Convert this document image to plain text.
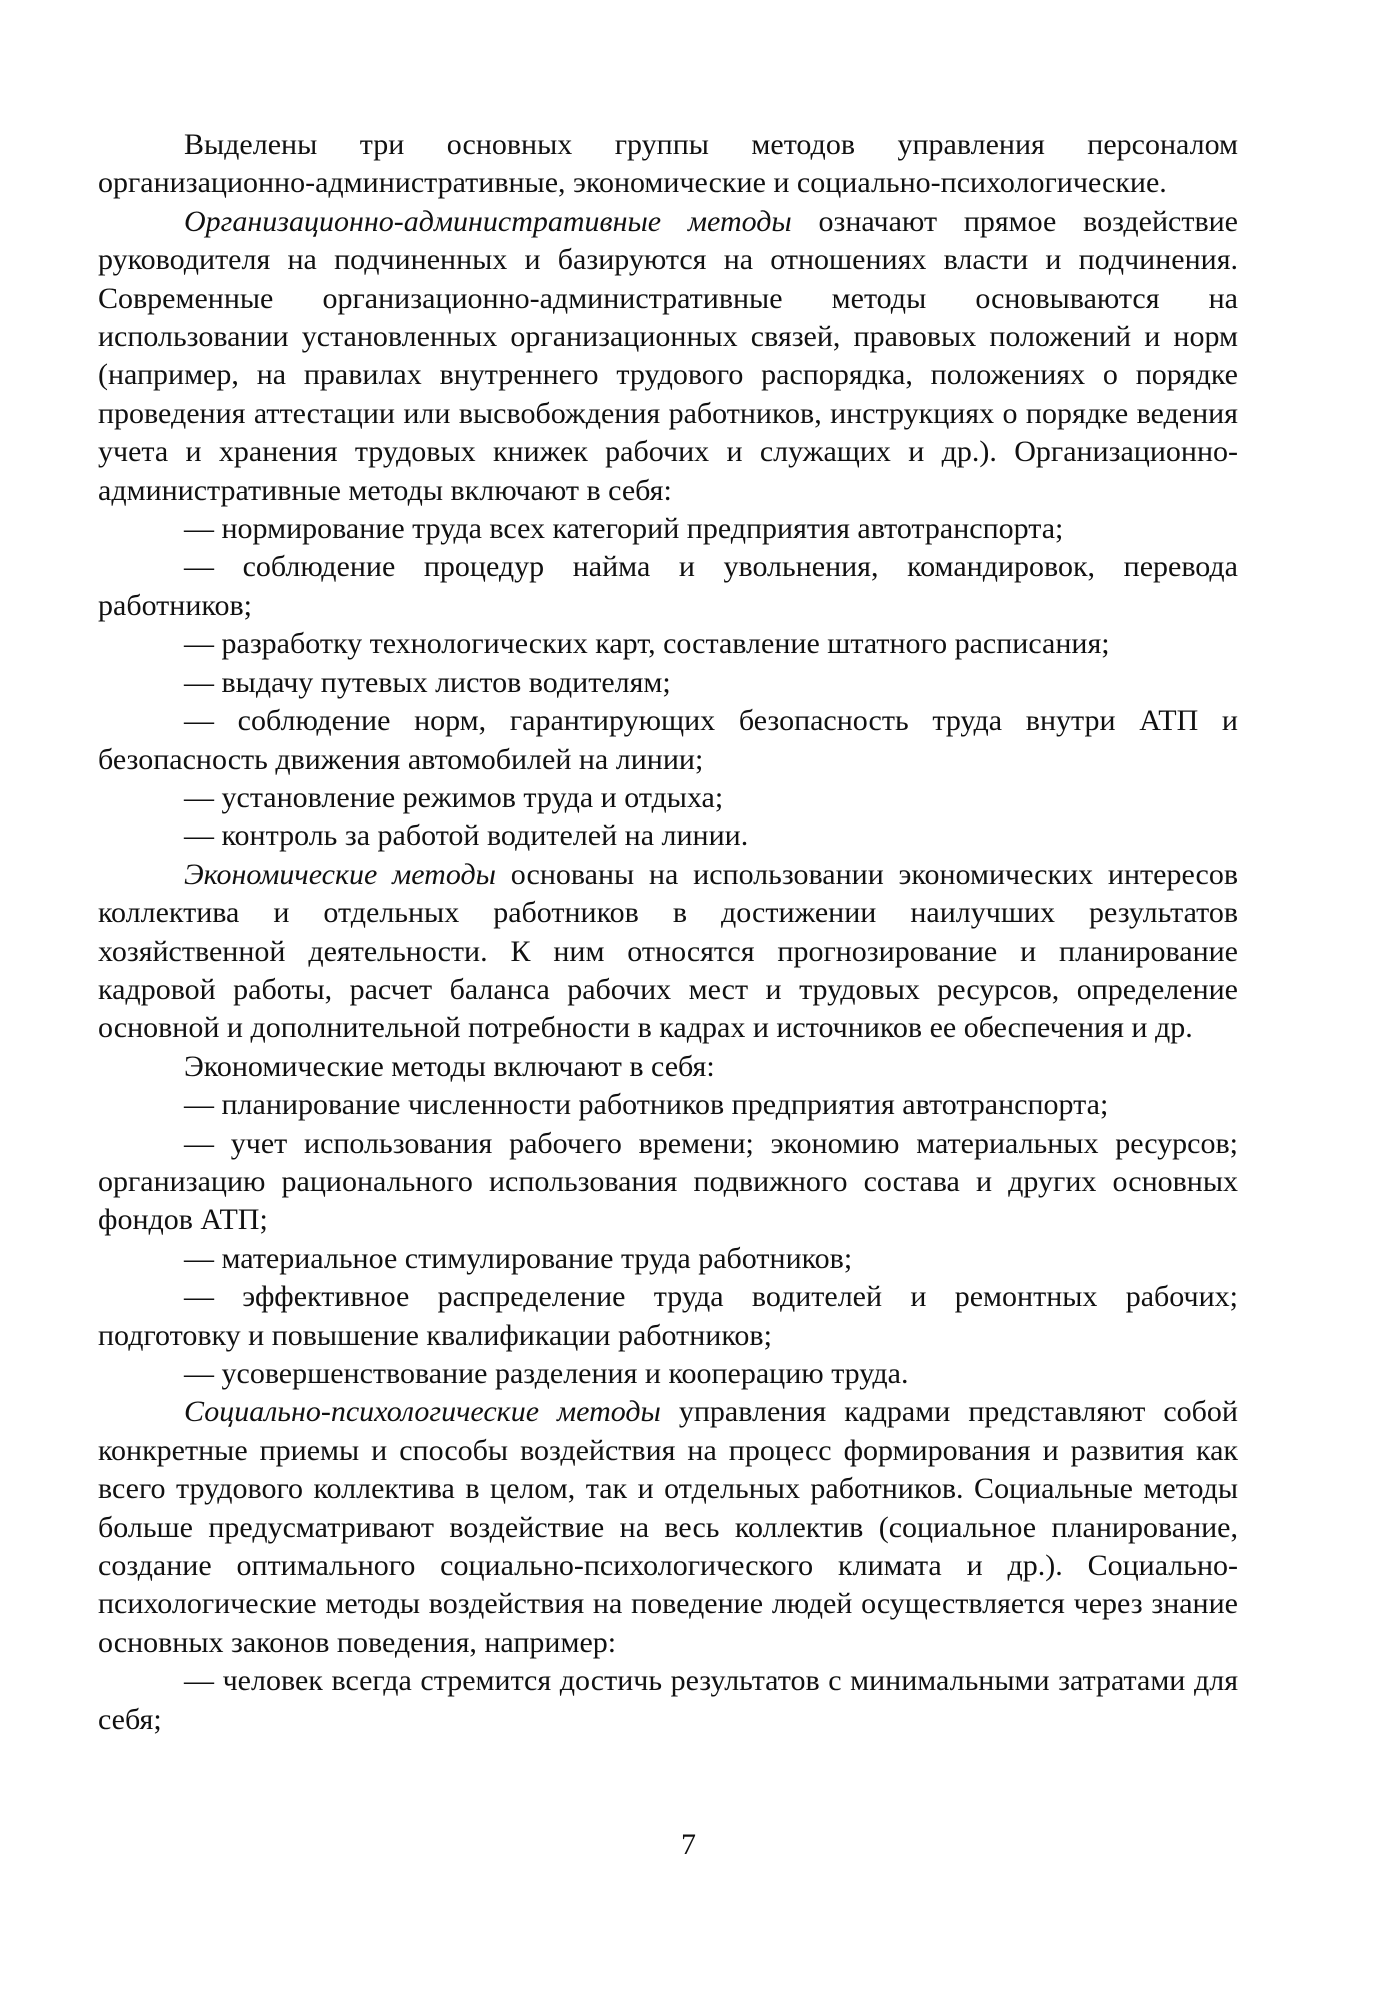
Выделены три основных группы методов управления персоналом организационно-административные, экономические и социально-психологические.

Организационно-административные методы означают прямое воздействие руководителя на подчиненных и базируются на отношениях власти и подчинения. Современные организационно-административные методы основываются на использовании установленных организационных связей, правовых положений и норм (например, на правилах внутреннего трудового распорядка, положениях о порядке проведения аттестации или высвобождения работников, инструкциях о порядке ведения учета и хранения трудовых книжек рабочих и служащих и др.). Организационно-административные методы включают в себя:

— нормирование труда всех категорий предприятия автотранспорта;

— соблюдение процедур найма и увольнения, командировок, перевода работников;

— разработку технологических карт, составление штатного расписания;

— выдачу путевых листов водителям;

— соблюдение норм, гарантирующих безопасность труда внутри АТП и безопасность движения автомобилей на линии;

— установление режимов труда и отдыха;

— контроль за работой водителей на линии.

Экономические методы основаны на использовании экономических интересов коллектива и отдельных работников в достижении наилучших результатов хозяйственной деятельности. К ним относятся прогнозирование и планирование кадровой работы, расчет баланса рабочих мест и трудовых ресурсов, определение основной и дополнительной потребности в кадрах и источников ее обеспечения и др.

Экономические методы включают в себя:

— планирование численности работников предприятия автотранспорта;

— учет использования рабочего времени; экономию материальных ресурсов; организацию рационального использования подвижного состава и других основных фондов АТП;

— материальное стимулирование труда работников;

— эффективное распределение труда водителей и ремонтных рабочих; подготовку и повышение квалификации работников;

— усовершенствование разделения и кооперацию труда.

Социально-психологические методы управления кадрами представляют собой конкретные приемы и способы воздействия на процесс формирования и развития как всего трудового коллектива в целом, так и отдельных работников. Социальные методы больше предусматривают воздействие на весь коллектив (социальное планирование, создание оптимального социально-психологического климата и др.). Социально-психологические методы воздействия на поведение людей осуществляется через знание основных законов поведения, например:

— человек всегда стремится достичь результатов с минимальными затратами для себя;

7
